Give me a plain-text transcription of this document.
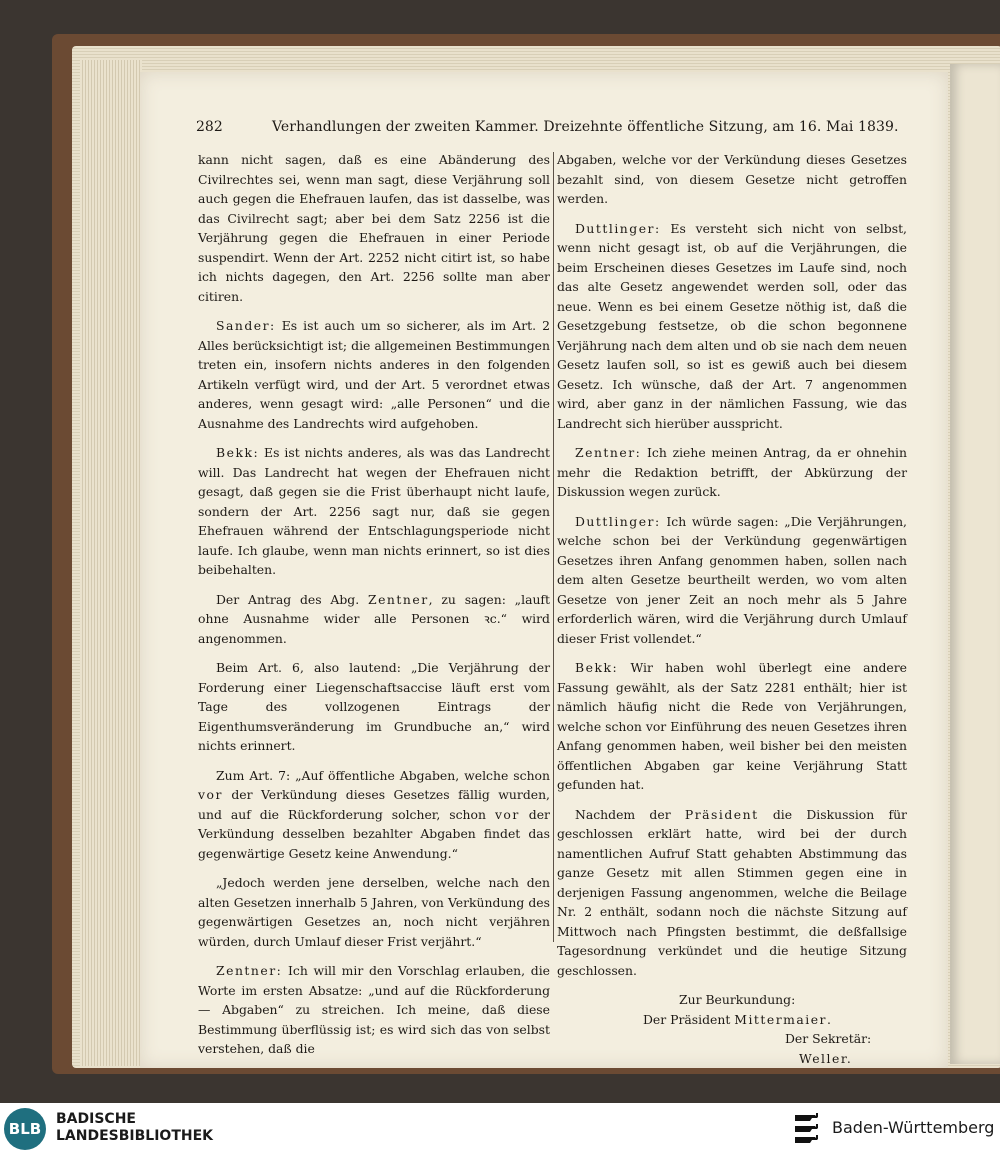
282	Verhandlungen der zweiten Kammer. Dreizehnte öffentliche Sitzung, am 16. Mai 1839.

kann nicht sagen, daß es eine Abänderung des Civilrechtes sei, wenn man sagt, diese Verjährung soll auch gegen die Ehefrauen laufen, das ist dasselbe, was das Civilrecht sagt; aber bei dem Satz 2256 ist die Verjährung gegen die Ehefrauen in einer Periode suspendirt. Wenn der Art. 2252 nicht citirt ist, so habe ich nichts dagegen, den Art. 2256 sollte man aber citiren.

Sander: Es ist auch um so sicherer, als im Art. 2 Alles berücksichtigt ist; die allgemeinen Bestimmungen treten ein, insofern nichts anderes in den folgenden Artikeln verfügt wird, und der Art. 5 verordnet etwas anderes, wenn gesagt wird: „alle Personen“ und die Ausnahme des Landrechts wird aufgehoben.

Bekk: Es ist nichts anderes, als was das Landrecht will. Das Landrecht hat wegen der Ehefrauen nicht gesagt, daß gegen sie die Frist überhaupt nicht laufe, sondern der Art. 2256 sagt nur, daß sie gegen Ehefrauen während der Entschlagungsperiode nicht laufe. Ich glaube, wenn man nichts erinnert, so ist dies beibehalten.

Der Antrag des Abg. Zentner, zu sagen: „lauft ohne Ausnahme wider alle Personen ꝛc.“ wird angenommen.

Beim Art. 6, also lautend: „Die Verjährung der Forderung einer Liegenschaftsaccise läuft erst vom Tage des vollzogenen Eintrags der Eigenthumsveränderung im Grundbuche an,“ wird nichts erinnert.

Zum Art. 7: „Auf öffentliche Abgaben, welche schon vor der Verkündung dieses Gesetzes fällig wurden, und auf die Rückforderung solcher, schon vor der Verkündung desselben bezahlter Abgaben findet das gegenwärtige Gesetz keine Anwendung.“

„Jedoch werden jene derselben, welche nach den alten Gesetzen innerhalb 5 Jahren, von Verkündung des gegenwärtigen Gesetzes an, noch nicht verjähren würden, durch Umlauf dieser Frist verjährt.“

Zentner: Ich will mir den Vorschlag erlauben, die Worte im ersten Absatze: „und auf die Rückforderung — Abgaben“ zu streichen. Ich meine, daß diese Bestimmung überflüssig ist; es wird sich das von selbst verstehen, daß die

Abgaben, welche vor der Verkündung dieses Gesetzes bezahlt sind, von diesem Gesetze nicht getroffen werden.

Duttlinger: Es versteht sich nicht von selbst, wenn nicht gesagt ist, ob auf die Verjährungen, die beim Erscheinen dieses Gesetzes im Laufe sind, noch das alte Gesetz angewendet werden soll, oder das neue. Wenn es bei einem Gesetze nöthig ist, daß die Gesetzgebung festsetze, ob die schon begonnene Verjährung nach dem alten und ob sie nach dem neuen Gesetz laufen soll, so ist es gewiß auch bei diesem Gesetz. Ich wünsche, daß der Art. 7 angenommen wird, aber ganz in der nämlichen Fassung, wie das Landrecht sich hierüber ausspricht.

Zentner: Ich ziehe meinen Antrag, da er ohnehin mehr die Redaktion betrifft, der Abkürzung der Diskussion wegen zurück.

Duttlinger: Ich würde sagen: „Die Verjährungen, welche schon bei der Verkündung gegenwärtigen Gesetzes ihren Anfang genommen haben, sollen nach dem alten Gesetze beurtheilt werden, wo vom alten Gesetze von jener Zeit an noch mehr als 5 Jahre erforderlich wären, wird die Verjährung durch Umlauf dieser Frist vollendet.“

Bekk: Wir haben wohl überlegt eine andere Fassung gewählt, als der Satz 2281 enthält; hier ist nämlich häufig nicht die Rede von Verjährungen, welche schon vor Einführung des neuen Gesetzes ihren Anfang genommen haben, weil bisher bei den meisten öffentlichen Abgaben gar keine Verjährung Statt gefunden hat.

Nachdem der Präsident die Diskussion für geschlossen erklärt hatte, wird bei der durch namentlichen Aufruf Statt gehabten Abstimmung das ganze Gesetz mit allen Stimmen gegen eine in derjenigen Fassung angenommen, welche die Beilage Nr. 2 enthält, sodann noch die nächste Sitzung auf Mittwoch nach Pfingsten bestimmt, die deßfallsige Tagesordnung verkündet und die heutige Sitzung geschlossen.

Zur Beurkundung:

Der Präsident Mittermaier.

Der Sekretär:

Weller.

BLB
BADISCHE
LANDESBIBLIOTHEK	Baden-Württemberg
